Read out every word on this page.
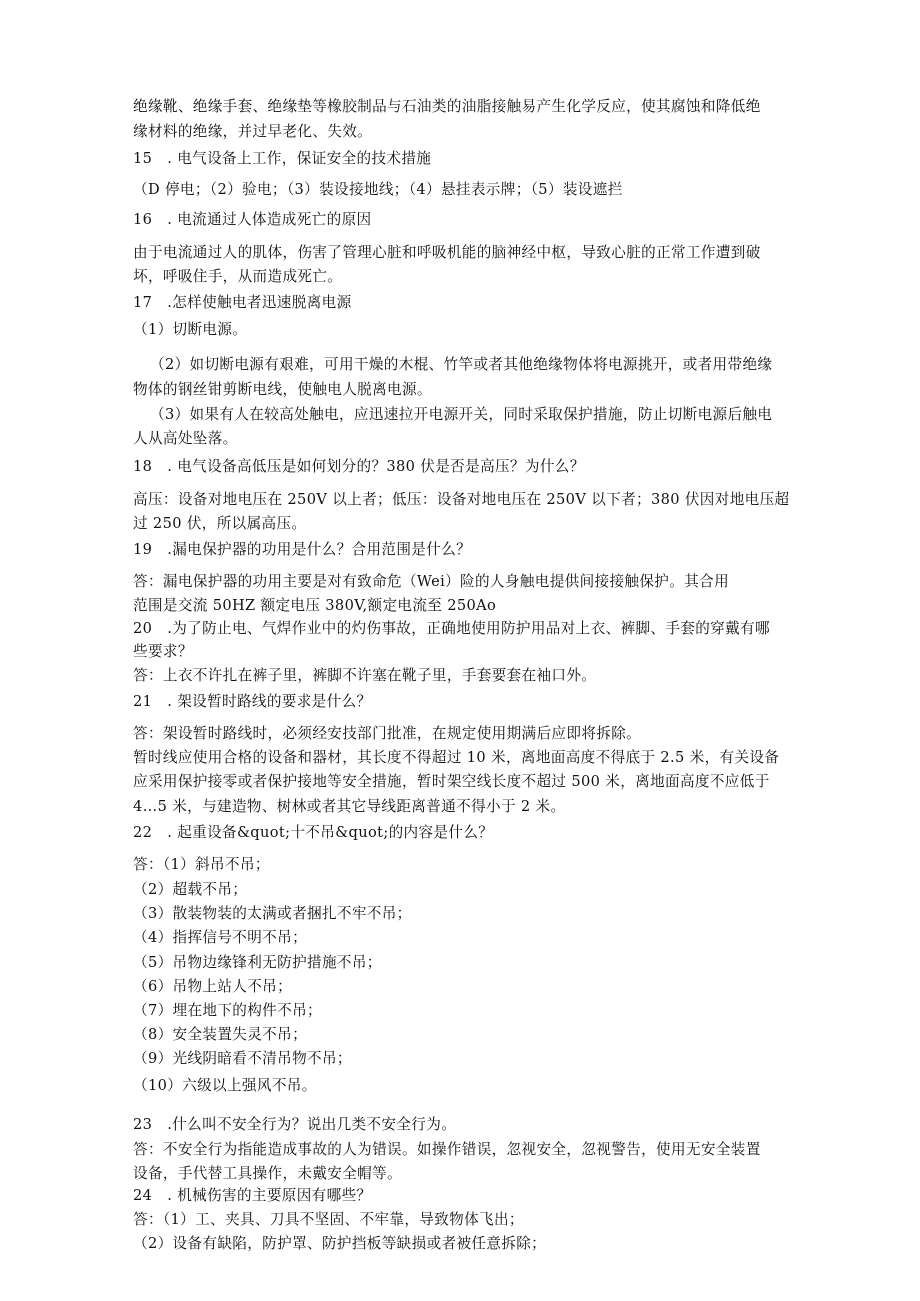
绝缘靴、绝缘手套、绝缘垫等橡胶制品与石油类的油脂接触易产生化学反应，使其腐蚀和降低绝
缘材料的绝缘，并过早老化、失效。
15　. 电气设备上工作，保证安全的技术措施
（D 停电；（2）验电；（3）装设接地线；（4）悬挂表示牌；（5）装设遮拦
16　. 电流通过人体造成死亡的原因
由于电流通过人的肌体，伤害了管理心脏和呼吸机能的脑神经中枢，导致心脏的正常工作遭到破
坏，呼吸住手，从而造成死亡。
17　.怎样使触电者迅速脱离电源
（1）切断电源。
（2）如切断电源有艰难，可用干燥的木棍、竹竿或者其他绝缘物体将电源挑开，或者用带绝缘
物体的钢丝钳剪断电线，使触电人脱离电源。
（3）如果有人在较高处触电，应迅速拉开电源开关，同时采取保护措施，防止切断电源后触电
人从高处坠落。
18　. 电气设备高低压是如何划分的？380 伏是否是高压？为什么？
高压：设备对地电压在 250V 以上者；低压：设备对地电压在 250V 以下者；380 伏因对地电压超
过 250 伏，所以属高压。
19　.漏电保护器的功用是什么？合用范围是什么？
答：漏电保护器的功用主要是对有致命危（Wei）险的人身触电提供间接接触保护。其合用
范围是交流 50HZ 额定电压 380V,额定电流至 250Ao
20　.为了防止电、气焊作业中的灼伤事故，正确地使用防护用品对上衣、裤脚、手套的穿戴有哪
些要求？
答：上衣不许扎在裤子里，裤脚不许塞在靴子里，手套要套在袖口外。
21　. 架设暂时路线的要求是什么？
答：架设暂时路线时，必须经安技部门批准，在规定使用期满后应即将拆除。
暂时线应使用合格的设备和器材，其长度不得超过 10 米，离地面高度不得底于 2.5 米，有关设备
应采用保护接零或者保护接地等安全措施，暂时架空线长度不超过 500 米，离地面高度不应低于
4…5 米，与建造物、树林或者其它导线距离普通不得小于 2 米。
22　. 起重设备&quot;十不吊&quot;的内容是什么？
答：（1）斜吊不吊；
（2）超载不吊；
（3）散装物装的太满或者捆扎不牢不吊；
（4）指挥信号不明不吊；
（5）吊物边缘锋利无防护措施不吊；
（6）吊物上站人不吊；
（7）埋在地下的构件不吊；
（8）安全装置失灵不吊；
（9）光线阴暗看不清吊物不吊；
（10）六级以上强风不吊。
23　.什么叫不安全行为？说出几类不安全行为。
答：不安全行为指能造成事故的人为错误。如操作错误，忽视安全，忽视警告，使用无安全装置
设备，手代替工具操作，未戴安全帽等。
24　. 机械伤害的主要原因有哪些？
答：（1）工、夹具、刀具不坚固、不牢靠，导致物体飞出；
（2）设备有缺陷，防护罩、防护挡板等缺损或者被任意拆除；
